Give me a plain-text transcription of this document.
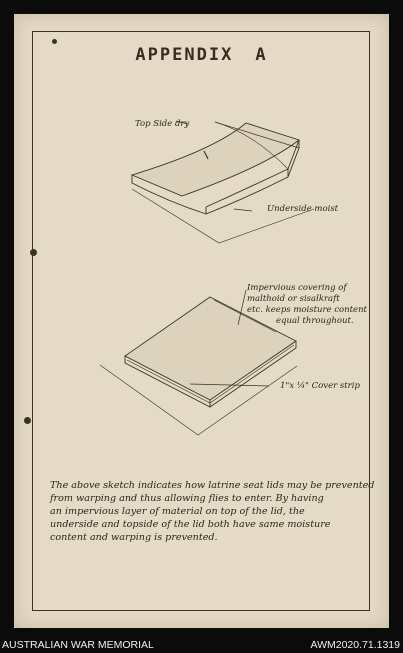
APPENDIX A
Top Side dry
Underside moist
Impervious covering of
malthoid or sisalkraft
etc. keeps moisture content
equal throughout.
1"x ¼" Cover strip
The above sketch indicates how latrine seat lids may be prevented
from warping and thus allowing flies to enter. By having
an impervious layer of material on top of the lid, the
underside and topside of the lid both have same moisture
content and warping is prevented.
AUSTRALIAN WAR MEMORIAL	AWM2020.71.1319
